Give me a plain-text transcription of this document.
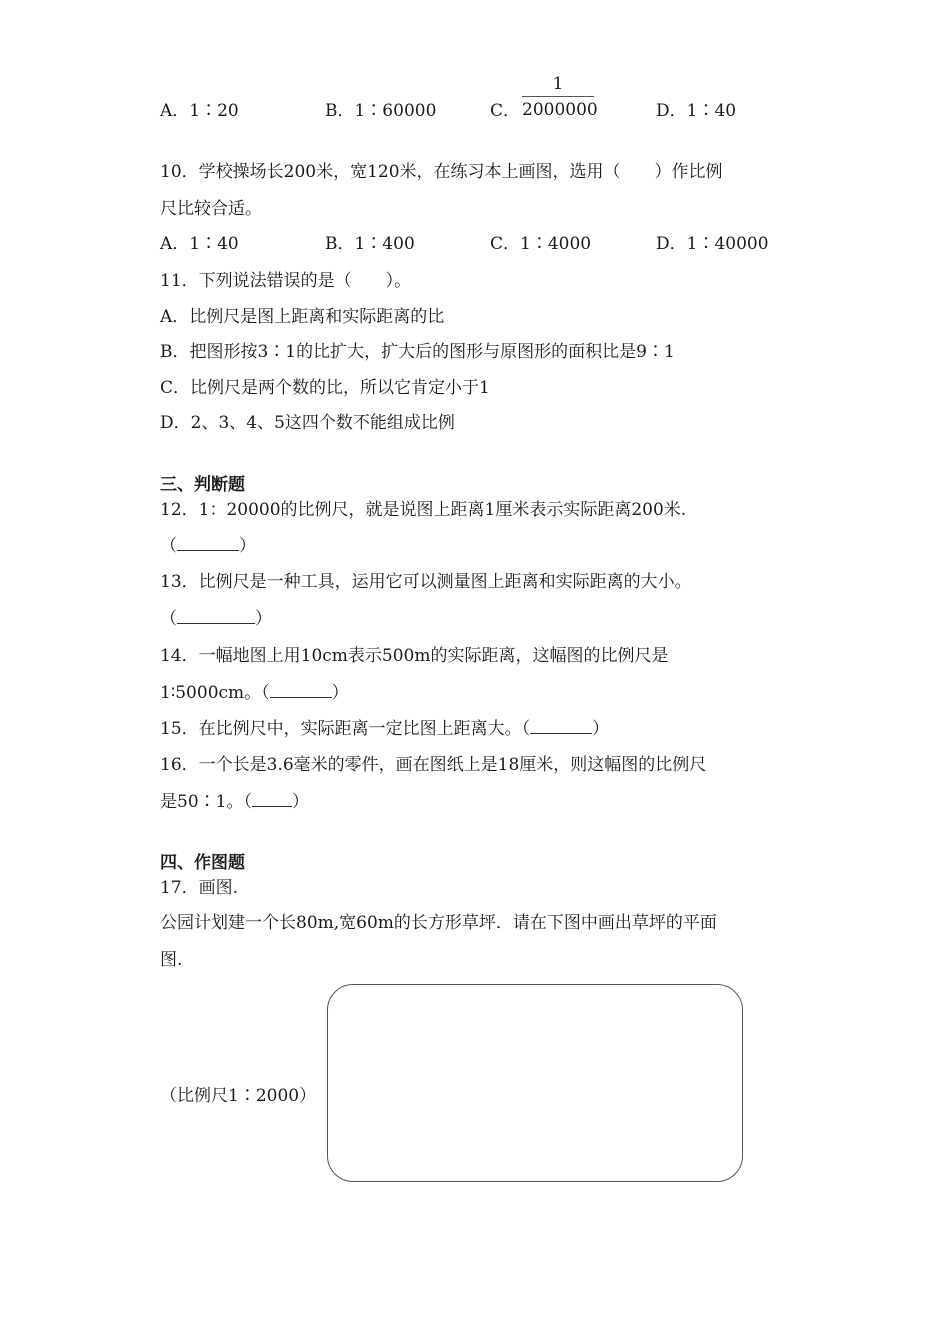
A．1∶20	B．1∶60000	C．
1
2000000	D．1∶40
10．学校操场长200米，宽120米，在练习本上画图，选用（　　）作比例
尺比较合适。
A．1∶40	B．1∶400	C．1∶4000	D．1∶40000
11．下列说法错误的是（　　）。
A．比例尺是图上距离和实际距离的比
B．把图形按3∶1的比扩大，扩大后的图形与原图形的面积比是9∶1
C．比例尺是两个数的比，所以它肯定小于1
D．2、3、4、5这四个数不能组成比例
三、判断题
12．1：20000的比例尺，就是说图上距离1厘米表示实际距离200米.
（	）
13．比例尺是一种工具，运用它可以测量图上距离和实际距离的大小。
（	）
14．一幅地图上用10cm表示500m的实际距离，这幅图的比例尺是
1∶5000cm。（	）
15．在比例尺中，实际距离一定比图上距离大。（	）
16．一个长是3.6毫米的零件，画在图纸上是18厘米，则这幅图的比例尺
是50∶1。（ ）
四、作图题
17．画图.
公园计划建一个长80m,宽60m的长方形草坪．请在下图中画出草坪的平面
图.
（比例尺1∶2000）
